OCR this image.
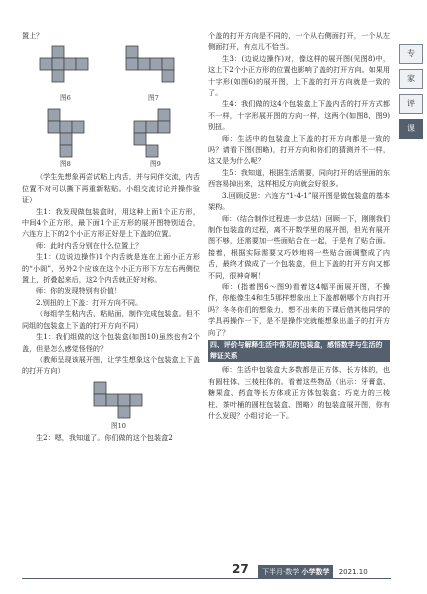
置上？

图6	图7
图8	图9

（学生先想象再尝试粘上内舌，并与同伴交流，内舌位置不对可以撕下再重新粘贴。小组交流讨论并操作验证）

生1：我发现做包装盒时，用这种上面1个正方形，中间4个正方形，最下面1个正方形的展开图特别适合，六连方上下的2个小正方形正好是上下盖的位置。

师：此时内舌分别在什么位置上？

生1：(边说边操作)1个内舌就是连在上面小正方形的“小阁”，另外2个应该在这个小正方形下方左右两侧位置上，折叠起来后，这2个内舌就正好对称。

师：你的发现特别有价值！

2.别扭的上下盖：打开方向不同。

（每组学生粘内舌、粘贴面，制作完成包装盒。但不同组的包装盒上下盖的打开方向不同）

生1：我们组做的这个包装盒(如图10)虽然也有2个盖，但是怎么感觉怪怪的？

（教师呈现该展开图，让学生想象这个包装盒上下盖的打开方向）

图10

生2：嗯，我知道了。你们做的这个包装盒2

个盖的打开方向是不同的，一个从右侧面打开，一个从左侧面打开，有点儿不恰当。

生3：(边说边操作)对，像这样的展开图(见图8)中，这上下2个小正方形的位置也影响了盖的打开方向。如果用十字形(如图6)的展开图，上下盖的打开方向就是一致的了。

生4：我们做的这4个包装盒上下盖内舌的打开方式都不一样，十字形展开图的方向一样，这两个(如图8、图9)别扭。

师：生活中的包装盒上下盖的打开方向都是一致的吗？请看下图(图略)，打开方向和你们的猜测并不一样，这又是为什么呢？

生5：我知道，根据生活需要，同向打开的话里面的东西容易掉出来，这样相反方向就会好很多。

3.回顾反思：六连方“1-4-1”展开图是做包装盒的基本架构。

师：（结合制作过程进一步总结）回顾一下，刚刚我们制作包装盒的过程，离不开数学里的展开图，但光有展开图不够，还需要加一些面贴合在一起，于是有了贴合面。接着，根据实际需要又巧妙地将一些贴合面调整成了内舌，最终才做成了一个包装盒，但上下盖的打开方向又都不同，很神奇啊！

师：(指着图6～图9)看着这4幅平面展开图，不操作，你能像生4和生5那样想象出上下盖都朝哪个方向打开吗？冬冬你们的想象力，想不出来的下课后借其他同学的学具再操作一下，是不是操作完就能想象出盖子的打开方向了？

四、评价与解释生活中常见的包装盒，感悟数学与生活的辩证关系

师：生活中包装盒大多数都是正方体、长方体的，也有圆柱体、三棱柱体的。看着这些物品（出示：牙膏盒、糖果盒、药盒等长方体或正方体包装盒；巧克力的三棱柱、茶叶桶的圆柱包装盒、图略）的包装盒展开图，你有什么发现？小组讨论一下。

专
家
评
课
27	下半月·数学 小学数学 2021.10
